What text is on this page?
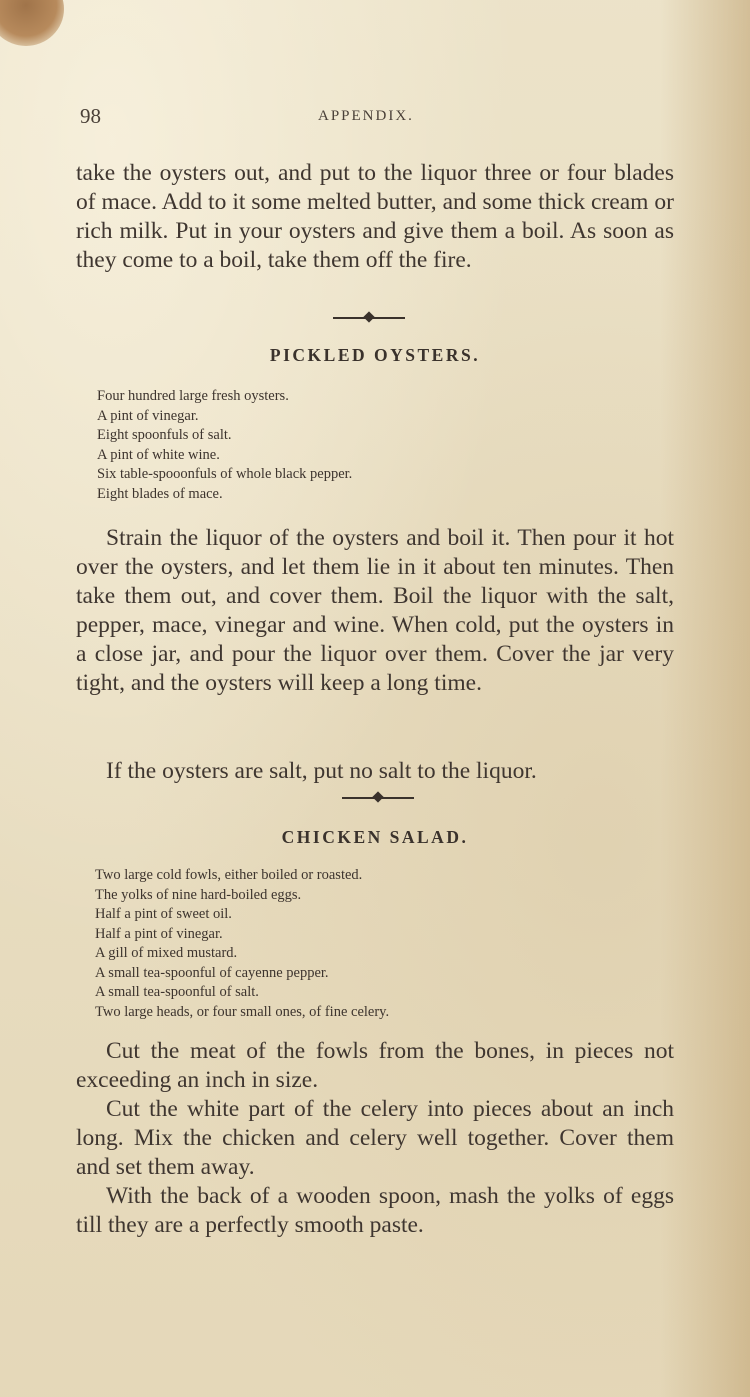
98	APPENDIX.

take the oysters out, and put to the liquor three or four blades of mace. Add to it some melted butter, and some thick cream or rich milk. Put in your oysters and give them a boil. As soon as they come to a boil, take them off the fire.

PICKLED OYSTERS.
Four hundred large fresh oysters.
A pint of vinegar.
Eight spoonfuls of salt.
A pint of white wine.
Six table-spooonfuls of whole black pepper.
Eight blades of mace.

Strain the liquor of the oysters and boil it. Then pour it hot over the oysters, and let them lie in it about ten minutes. Then take them out, and cover them. Boil the liquor with the salt, pepper, mace, vinegar and wine. When cold, put the oysters in a close jar, and pour the liquor over them. Cover the jar very tight, and the oysters will keep a long time.

If the oysters are salt, put no salt to the liquor.

CHICKEN SALAD.
Two large cold fowls, either boiled or roasted.
The yolks of nine hard-boiled eggs.
Half a pint of sweet oil.
Half a pint of vinegar.
A gill of mixed mustard.
A small tea-spoonful of cayenne pepper.
A small tea-spoonful of salt.
Two large heads, or four small ones, of fine celery.

Cut the meat of the fowls from the bones, in pieces not exceeding an inch in size.

Cut the white part of the celery into pieces about an inch long. Mix the chicken and celery well together. Cover them and set them away.

With the back of a wooden spoon, mash the yolks of eggs till they are a perfectly smooth paste.
